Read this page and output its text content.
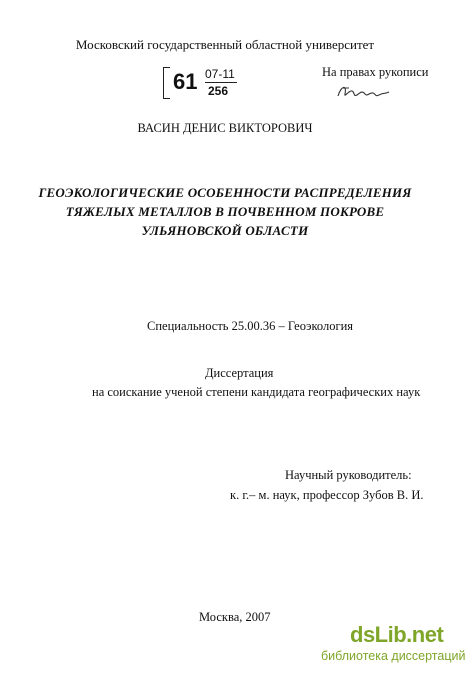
Московский государственный областной университет
61 07-11
256
На правах рукописи
ВАСИН ДЕНИС ВИКТОРОВИЧ
ГЕОЭКОЛОГИЧЕСКИЕ ОСОБЕННОСТИ РАСПРЕДЕЛЕНИЯ
ТЯЖЕЛЫХ МЕТАЛЛОВ В ПОЧВЕННОМ ПОКРОВЕ
УЛЬЯНОВСКОЙ ОБЛАСТИ
Специальность 25.00.36 – Геоэкология
Диссертация
на соискание ученой степени кандидата географических наук
Научный руководитель:
к. г.– м. наук, профессор Зубов В. И.
Москва, 2007
dsLib.net
библиотека диссертаций
